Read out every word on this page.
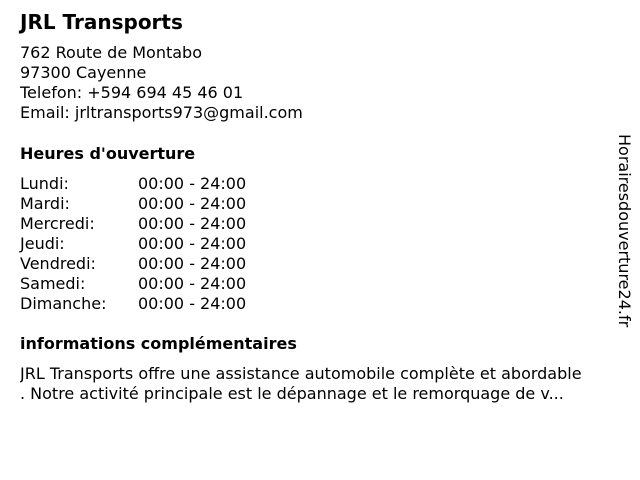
JRL Transports
762 Route de Montabo
97300 Cayenne
Telefon: +594 694 45 46 01
Email: jrltransports973@gmail.com
Heures d'ouverture
Lundi:	00:00 - 24:00
Mardi:	00:00 - 24:00
Mercredi:	00:00 - 24:00
Jeudi:	00:00 - 24:00
Vendredi:	00:00 - 24:00
Samedi:	00:00 - 24:00
Dimanche:	00:00 - 24:00
informations complémentaires
JRL Transports offre une assistance automobile complète et abordable
. Notre activité principale est le dépannage et le remorquage de v...
Horairesdouverture24.fr
